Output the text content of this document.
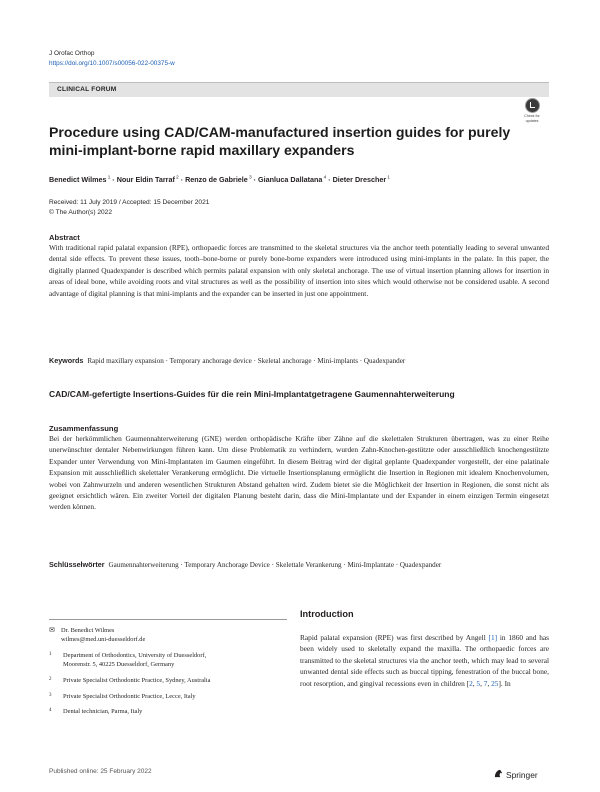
J Orofac Orthop
https://doi.org/10.1007/s00056-022-00375-w
CLINICAL FORUM
Check for
updates
Procedure using CAD/CAM-manufactured insertion guides for purely mini-implant-borne rapid maxillary expanders
Benedict Wilmes $^1$ · Nour Eldin Tarraf $^2$ · Renzo de Gabriele $^3$ · Gianluca Dallatana $^4$ · Dieter Drescher $^1$
Received: 11 July 2019 / Accepted: 15 December 2021
© The Author(s) 2022
Abstract
With traditional rapid palatal expansion (RPE), orthopaedic forces are transmitted to the skeletal structures via the anchor teeth potentially leading to several unwanted dental side effects. To prevent these issues, tooth–bone-borne or purely bone-borne expanders were introduced using mini-implants in the palate. In this paper, the digitally planned Quadexpander is described which permits palatal expansion with only skeletal anchorage. The use of virtual insertion planning allows for insertion in areas of ideal bone, while avoiding roots and vital structures as well as the possibility of insertion into sites which would otherwise not be considered usable. A second advantage of digital planning is that mini-implants and the expander can be inserted in just one appointment.
Keywords Rapid maxillary expansion · Temporary anchorage device · Skeletal anchorage · Mini-implants · Quadexpander
CAD/CAM-gefertigte Insertions-Guides für die rein Mini-Implantatgetragene Gaumennahterweiterung
Zusammenfassung
Bei der herkömmlichen Gaumennahterweiterung (GNE) werden orthopädische Kräfte über Zähne auf die skelettalen Strukturen übertragen, was zu einer Reihe unerwünschter dentaler Nebenwirkungen führen kann. Um diese Problematik zu verhindern, wurden Zahn-Knochen-gestützte oder ausschließlich knochengestützte Expander unter Verwendung von Mini-Implantaten im Gaumen eingeführt. In diesem Beitrag wird der digital geplante Quadexpander vorgestellt, der eine palatinale Expansion mit ausschließlich skelettaler Verankerung ermöglicht. Die virtuelle Insertionsplanung ermöglicht die Insertion in Regionen mit idealem Knochenvolumen, wobei von Zahnwurzeln und anderen wesentlichen Strukturen Abstand gehalten wird. Zudem bietet sie die Möglichkeit der Insertion in Regionen, die sonst nicht als geeignet ersichtlich wären. Ein zweiter Vorteil der digitalen Planung besteht darin, dass die Mini-Implantate und der Expander in einem einzigen Termin eingesetzt werden können.
Schlüsselwörter Gaumennahterweiterung · Temporary Anchorage Device · Skelettale Verankerung · Mini-Implantate · Quadexpander
✉ Dr. Benedict Wilmes
wilmes@med.uni-duesseldorf.de
1 Department of Orthodontics, University of Duesseldorf,
Moorenstr. 5, 40225 Duesseldorf, Germany
2 Private Specialist Orthodontic Practice, Sydney, Australia
3 Private Specialist Orthodontic Practice, Lecce, Italy
4 Dental technician, Parma, Italy
Introduction
Rapid palatal expansion (RPE) was first described by Angell [1] in 1860 and has been widely used to skeletally expand the maxilla. The orthopaedic forces are transmitted to the skeletal structures via the anchor teeth, which may lead to several unwanted dental side effects such as buccal tipping, fenestration of the buccal bone, root resorption, and gingival recessions even in children [2, 5, 7, 25]. In
Published online: 25 February 2022	Springer
